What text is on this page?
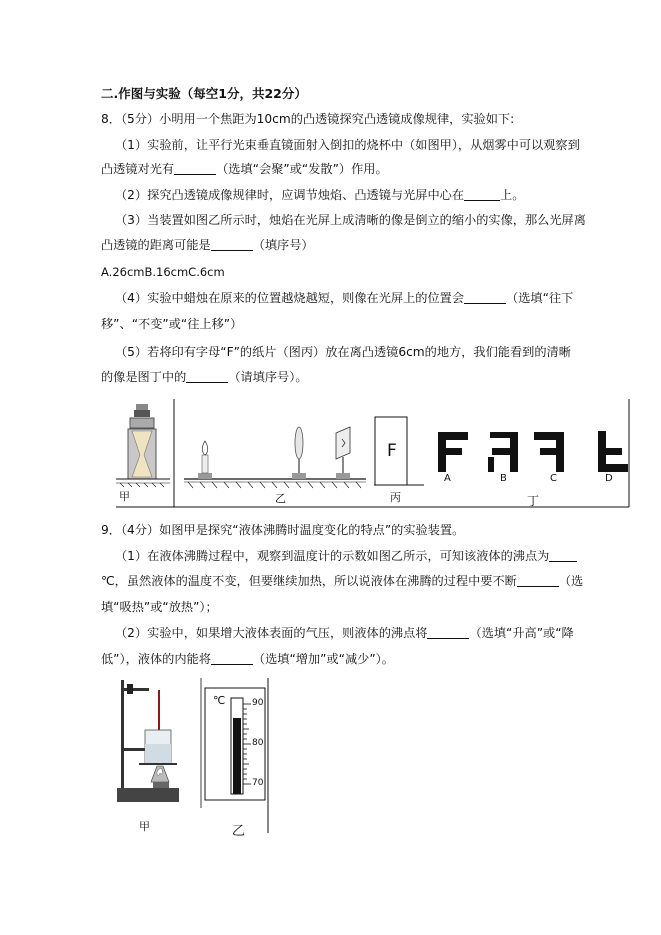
二.作图与实验（每空1分，共22分）
8．（5分）小明用一个焦距为10cm的凸透镜探究凸透镜成像规律，实验如下:
（1）实验前，让平行光束垂直镜面射入倒扣的烧杯中（如图甲），从烟雾中可以观察到
凸透镜对光有	（选填“会聚”或“发散”）作用。
（2）探究凸透镜成像规律时，应调节烛焰、凸透镜与光屏中心在	上。
（3）当装置如图乙所示时，烛焰在光屏上成清晰的像是倒立的缩小的实像，那么光屏离
凸透镜的距离可能是	（填序号）
A.26cmB.16cmC.6cm
（4）实验中蜡烛在原来的位置越烧越短，则像在光屏上的位置会	（选填“往下
移”、“不变”或“往上移”）
（5）若将印有字母“F”的纸片（图丙）放在离凸透镜6cm的地方，我们能看到的清晰
的像是图丁中的	（请填序号）。
甲	乙	丙	丁
F
A	B	C	D
9．（4分）如图甲是探究“液体沸腾时温度变化的特点”的实验装置。
（1）在液体沸腾过程中，观察到温度计的示数如图乙所示，可知该液体的沸点为
℃，虽然液体的温度不变，但要继续加热，所以说液体在沸腾的过程中要不断	（选
填“吸热”或“放热”）；
（2）实验中，如果增大液体表面的气压，则液体的沸点将	（选填“升高”或“降
低”），液体的内能将	（选填“增加”或“减少”）。
℃	90
80
70
甲	乙
